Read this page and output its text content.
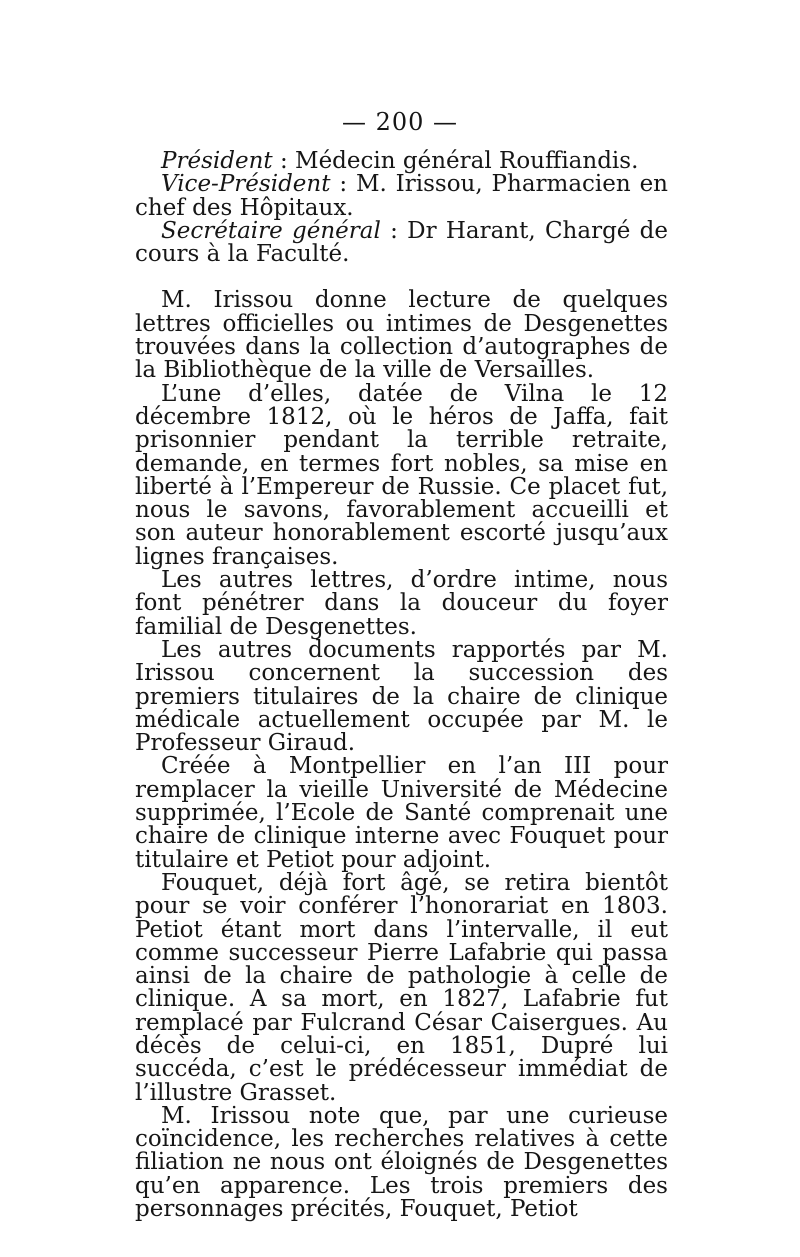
— 200 —

Président : Médecin général Rouffiandis.

Vice-Président : M. Irissou, Pharmacien en chef des Hôpitaux.

Secrétaire général : Dr Harant, Chargé de cours à la Faculté.

M. Irissou donne lecture de quelques lettres officielles ou intimes de Desgenettes trouvées dans la collection d’autographes de la Bibliothèque de la ville de Versailles.

L’une d’elles, datée de Vilna le 12 décembre 1812, où le héros de Jaffa, fait prisonnier pendant la terrible retraite, demande, en termes fort nobles, sa mise en liberté à l’Empereur de Russie. Ce placet fut, nous le savons, favorablement accueilli et son auteur honorablement escorté jusqu’aux lignes françaises.

Les autres lettres, d’ordre intime, nous font pénétrer dans la douceur du foyer familial de Desgenettes.

Les autres documents rapportés par M. Irissou concernent la succession des premiers titulaires de la chaire de clinique médicale actuellement occupée par M. le Professeur Giraud.

Créée à Montpellier en l’an III pour remplacer la vieille Université de Médecine supprimée, l’Ecole de Santé comprenait une chaire de clinique interne avec Fouquet pour titulaire et Petiot pour adjoint.

Fouquet, déjà fort âgé, se retira bientôt pour se voir conférer l’honorariat en 1803. Petiot étant mort dans l’intervalle, il eut comme successeur Pierre Lafabrie qui passa ainsi de la chaire de pathologie à celle de clinique. A sa mort, en 1827, Lafabrie fut remplacé par Fulcrand César Caisergues. Au décès de celui-ci, en 1851, Dupré lui succéda, c’est le prédécesseur immédiat de l’illustre Grasset.

M. Irissou note que, par une curieuse coïncidence, les recherches relatives à cette filiation ne nous ont éloignés de Desgenettes qu’en apparence. Les trois premiers des personnages précités, Fouquet, Petiot
